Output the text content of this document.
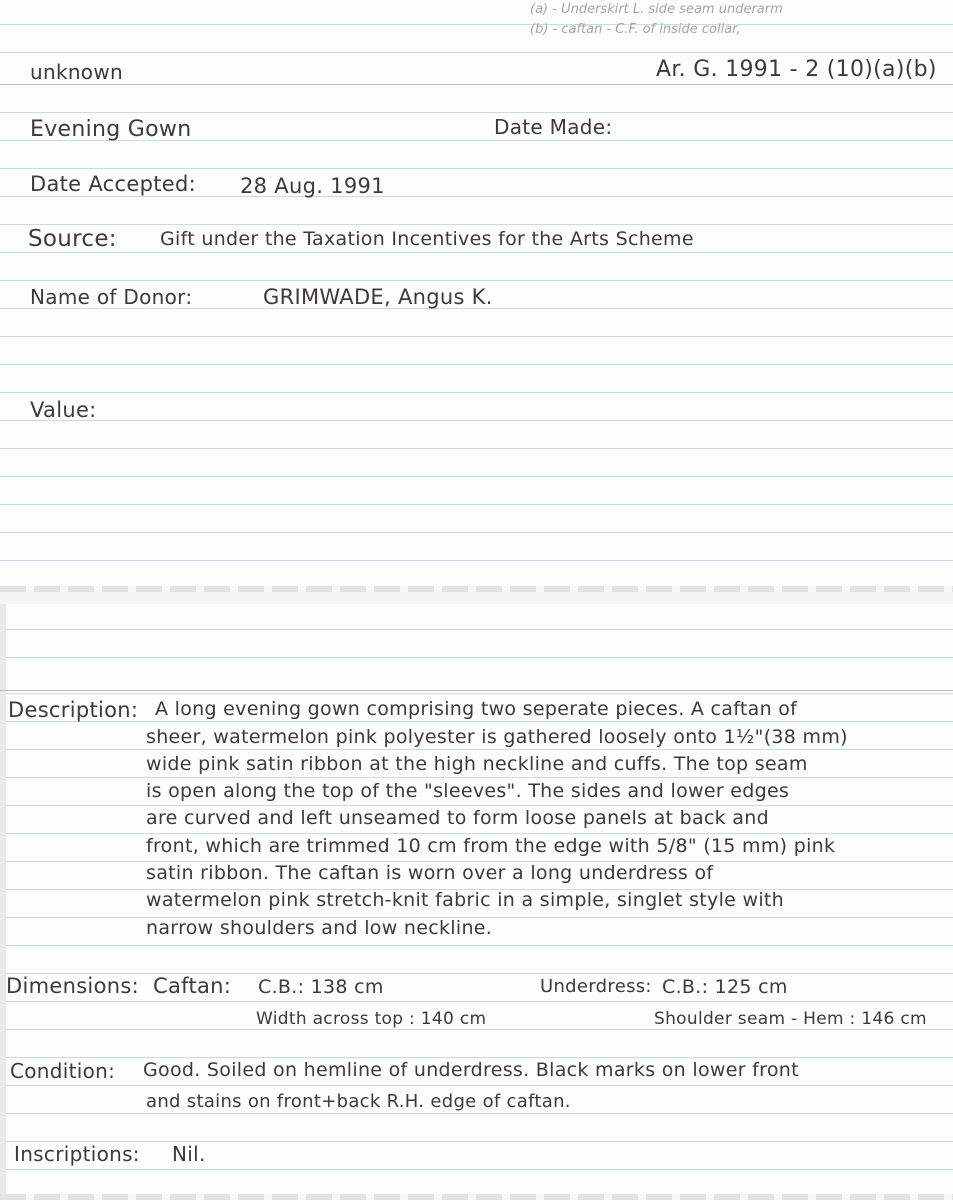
(a) - Underskirt L. side seam underarm
(b) - caftan - C.F. of inside collar,
unknown	Ar. G. 1991 - 2 (10)(a)(b)
Evening Gown	Date Made:
Date Accepted: 28 Aug. 1991
Source: Gift under the Taxation Incentives for the Arts Scheme
Name of Donor:	GRIMWADE, Angus K.
Value:
Description: A long evening gown comprising two seperate pieces. A caftan of
sheer, watermelon pink polyester is gathered loosely onto 1½"(38 mm)
wide pink satin ribbon at the high neckline and cuffs. The top seam
is open along the top of the "sleeves". The sides and lower edges
are curved and left unseamed to form loose panels at back and
front, which are trimmed 10 cm from the edge with 5/8" (15 mm) pink
satin ribbon. The caftan is worn over a long underdress of
watermelon pink stretch-knit fabric in a simple, singlet style with
narrow shoulders and low neckline.
Dimensions: Caftan: C.B.: 138 cm	Underdress: C.B.: 125 cm
Width across top : 140 cm	Shoulder seam - Hem : 146 cm
Condition: Good. Soiled on hemline of underdress. Black marks on lower front
and stains on front+back R.H. edge of caftan.
Inscriptions: Nil.
